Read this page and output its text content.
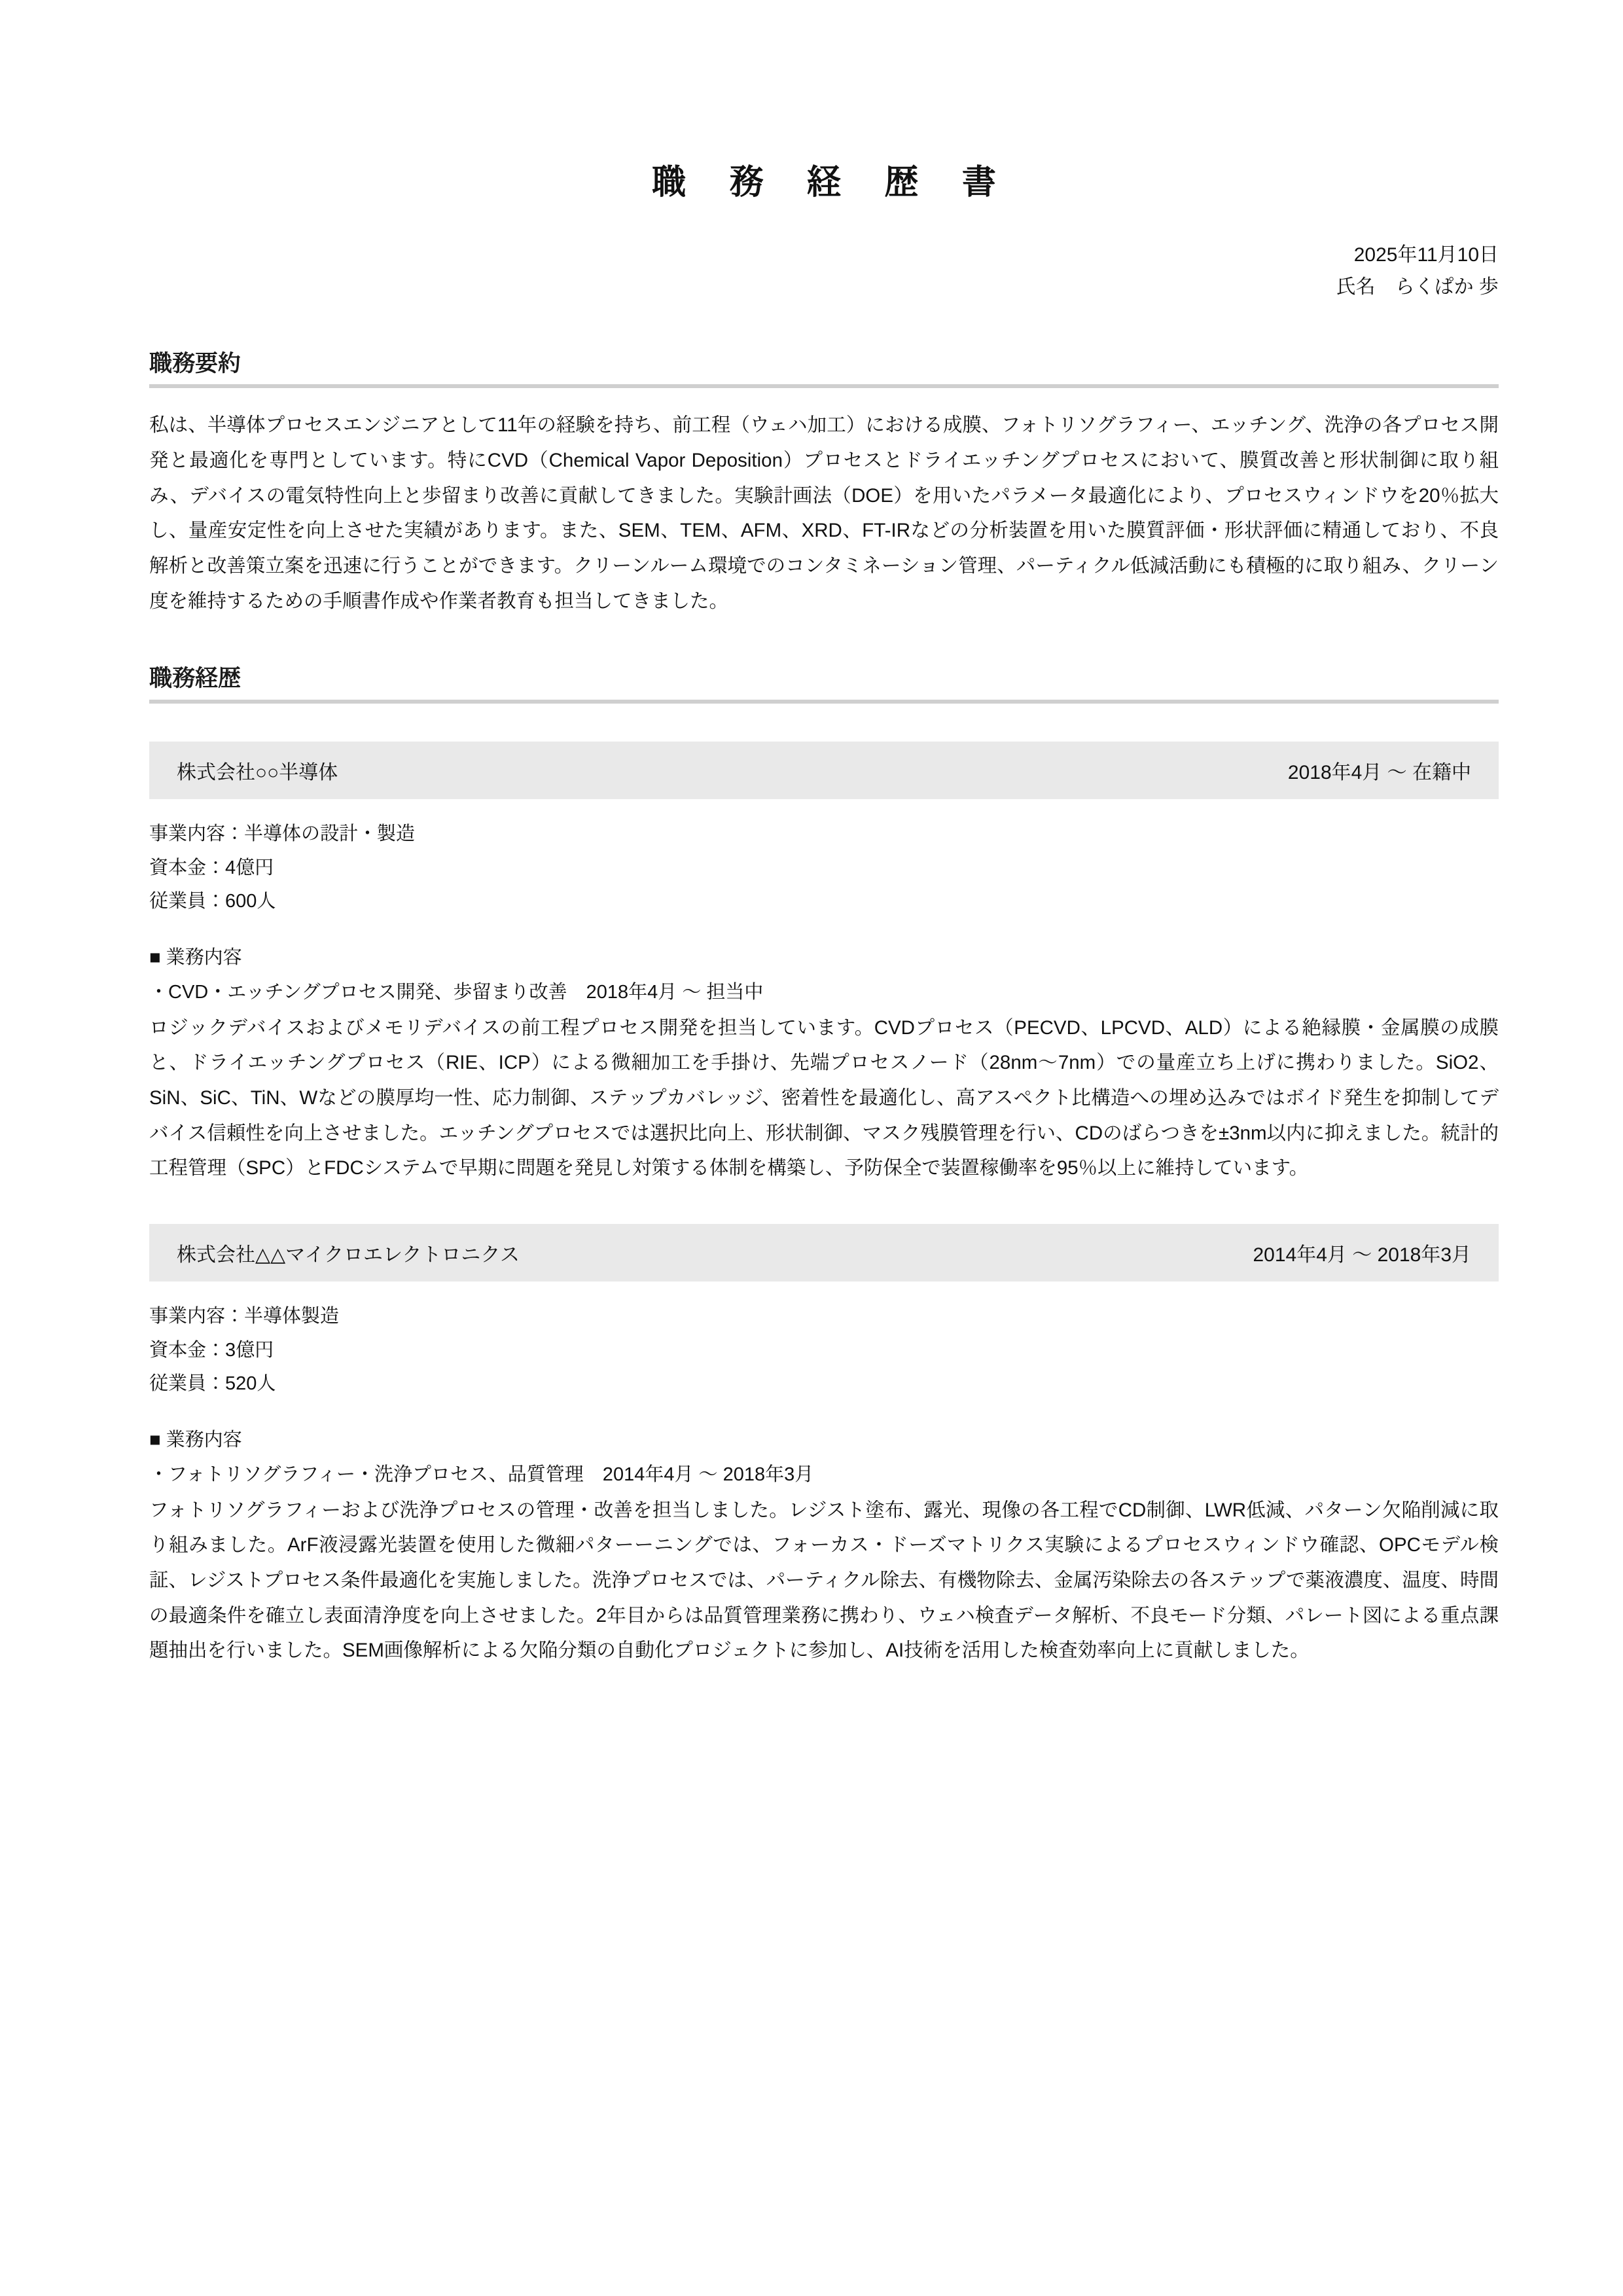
職 務 経 歴 書
2025年11月10日
氏名　らくぱか 歩
職務要約

私は、半導体プロセスエンジニアとして11年の経験を持ち、前工程（ウェハ加工）における成膜、フォトリソグラフィー、エッチング、洗浄の各プロセス開発と最適化を専門としています。特にCVD（Chemical Vapor Deposition）プロセスとドライエッチングプロセスにおいて、膜質改善と形状制御に取り組み、デバイスの電気特性向上と歩留まり改善に貢献してきました。実験計画法（DOE）を用いたパラメータ最適化により、プロセスウィンドウを20％拡大し、量産安定性を向上させた実績があります。また、SEM、TEM、AFM、XRD、FT-IRなどの分析装置を用いた膜質評価・形状評価に精通しており、不良解析と改善策立案を迅速に行うことができます。クリーンルーム環境でのコンタミネーション管理、パーティクル低減活動にも積極的に取り組み、クリーン度を維持するための手順書作成や作業者教育も担当してきました。

職務経歴
株式会社○○半導体	2018年4月 〜 在籍中
事業内容：半導体の設計・製造
資本金：4億円
従業員：600人
■ 業務内容
・CVD・エッチングプロセス開発、歩留まり改善　2018年4月 〜 担当中

ロジックデバイスおよびメモリデバイスの前工程プロセス開発を担当しています。CVDプロセス（PECVD、LPCVD、ALD）による絶縁膜・金属膜の成膜と、ドライエッチングプロセス（RIE、ICP）による微細加工を手掛け、先端プロセスノード（28nm〜7nm）での量産立ち上げに携わりました。SiO2、SiN、SiC、TiN、Wなどの膜厚均一性、応力制御、ステップカバレッジ、密着性を最適化し、高アスペクト比構造への埋め込みではボイド発生を抑制してデバイス信頼性を向上させました。エッチングプロセスでは選択比向上、形状制御、マスク残膜管理を行い、CDのばらつきを±3nm以内に抑えました。統計的工程管理（SPC）とFDCシステムで早期に問題を発見し対策する体制を構築し、予防保全で装置稼働率を95％以上に維持しています。

株式会社△△マイクロエレクトロニクス	2014年4月 〜 2018年3月
事業内容：半導体製造
資本金：3億円
従業員：520人
■ 業務内容
・フォトリソグラフィー・洗浄プロセス、品質管理　2014年4月 〜 2018年3月

フォトリソグラフィーおよび洗浄プロセスの管理・改善を担当しました。レジスト塗布、露光、現像の各工程でCD制御、LWR低減、パターン欠陥削減に取り組みました。ArF液浸露光装置を使用した微細パターーニングでは、フォーカス・ドーズマトリクス実験によるプロセスウィンドウ確認、OPCモデル検証、レジストプロセス条件最適化を実施しました。洗浄プロセスでは、パーティクル除去、有機物除去、金属汚染除去の各ステップで薬液濃度、温度、時間の最適条件を確立し表面清浄度を向上させました。2年目からは品質管理業務に携わり、ウェハ検査データ解析、不良モード分類、パレート図による重点課題抽出を行いました。SEM画像解析による欠陥分類の自動化プロジェクトに参加し、AI技術を活用した検査効率向上に貢献しました。
